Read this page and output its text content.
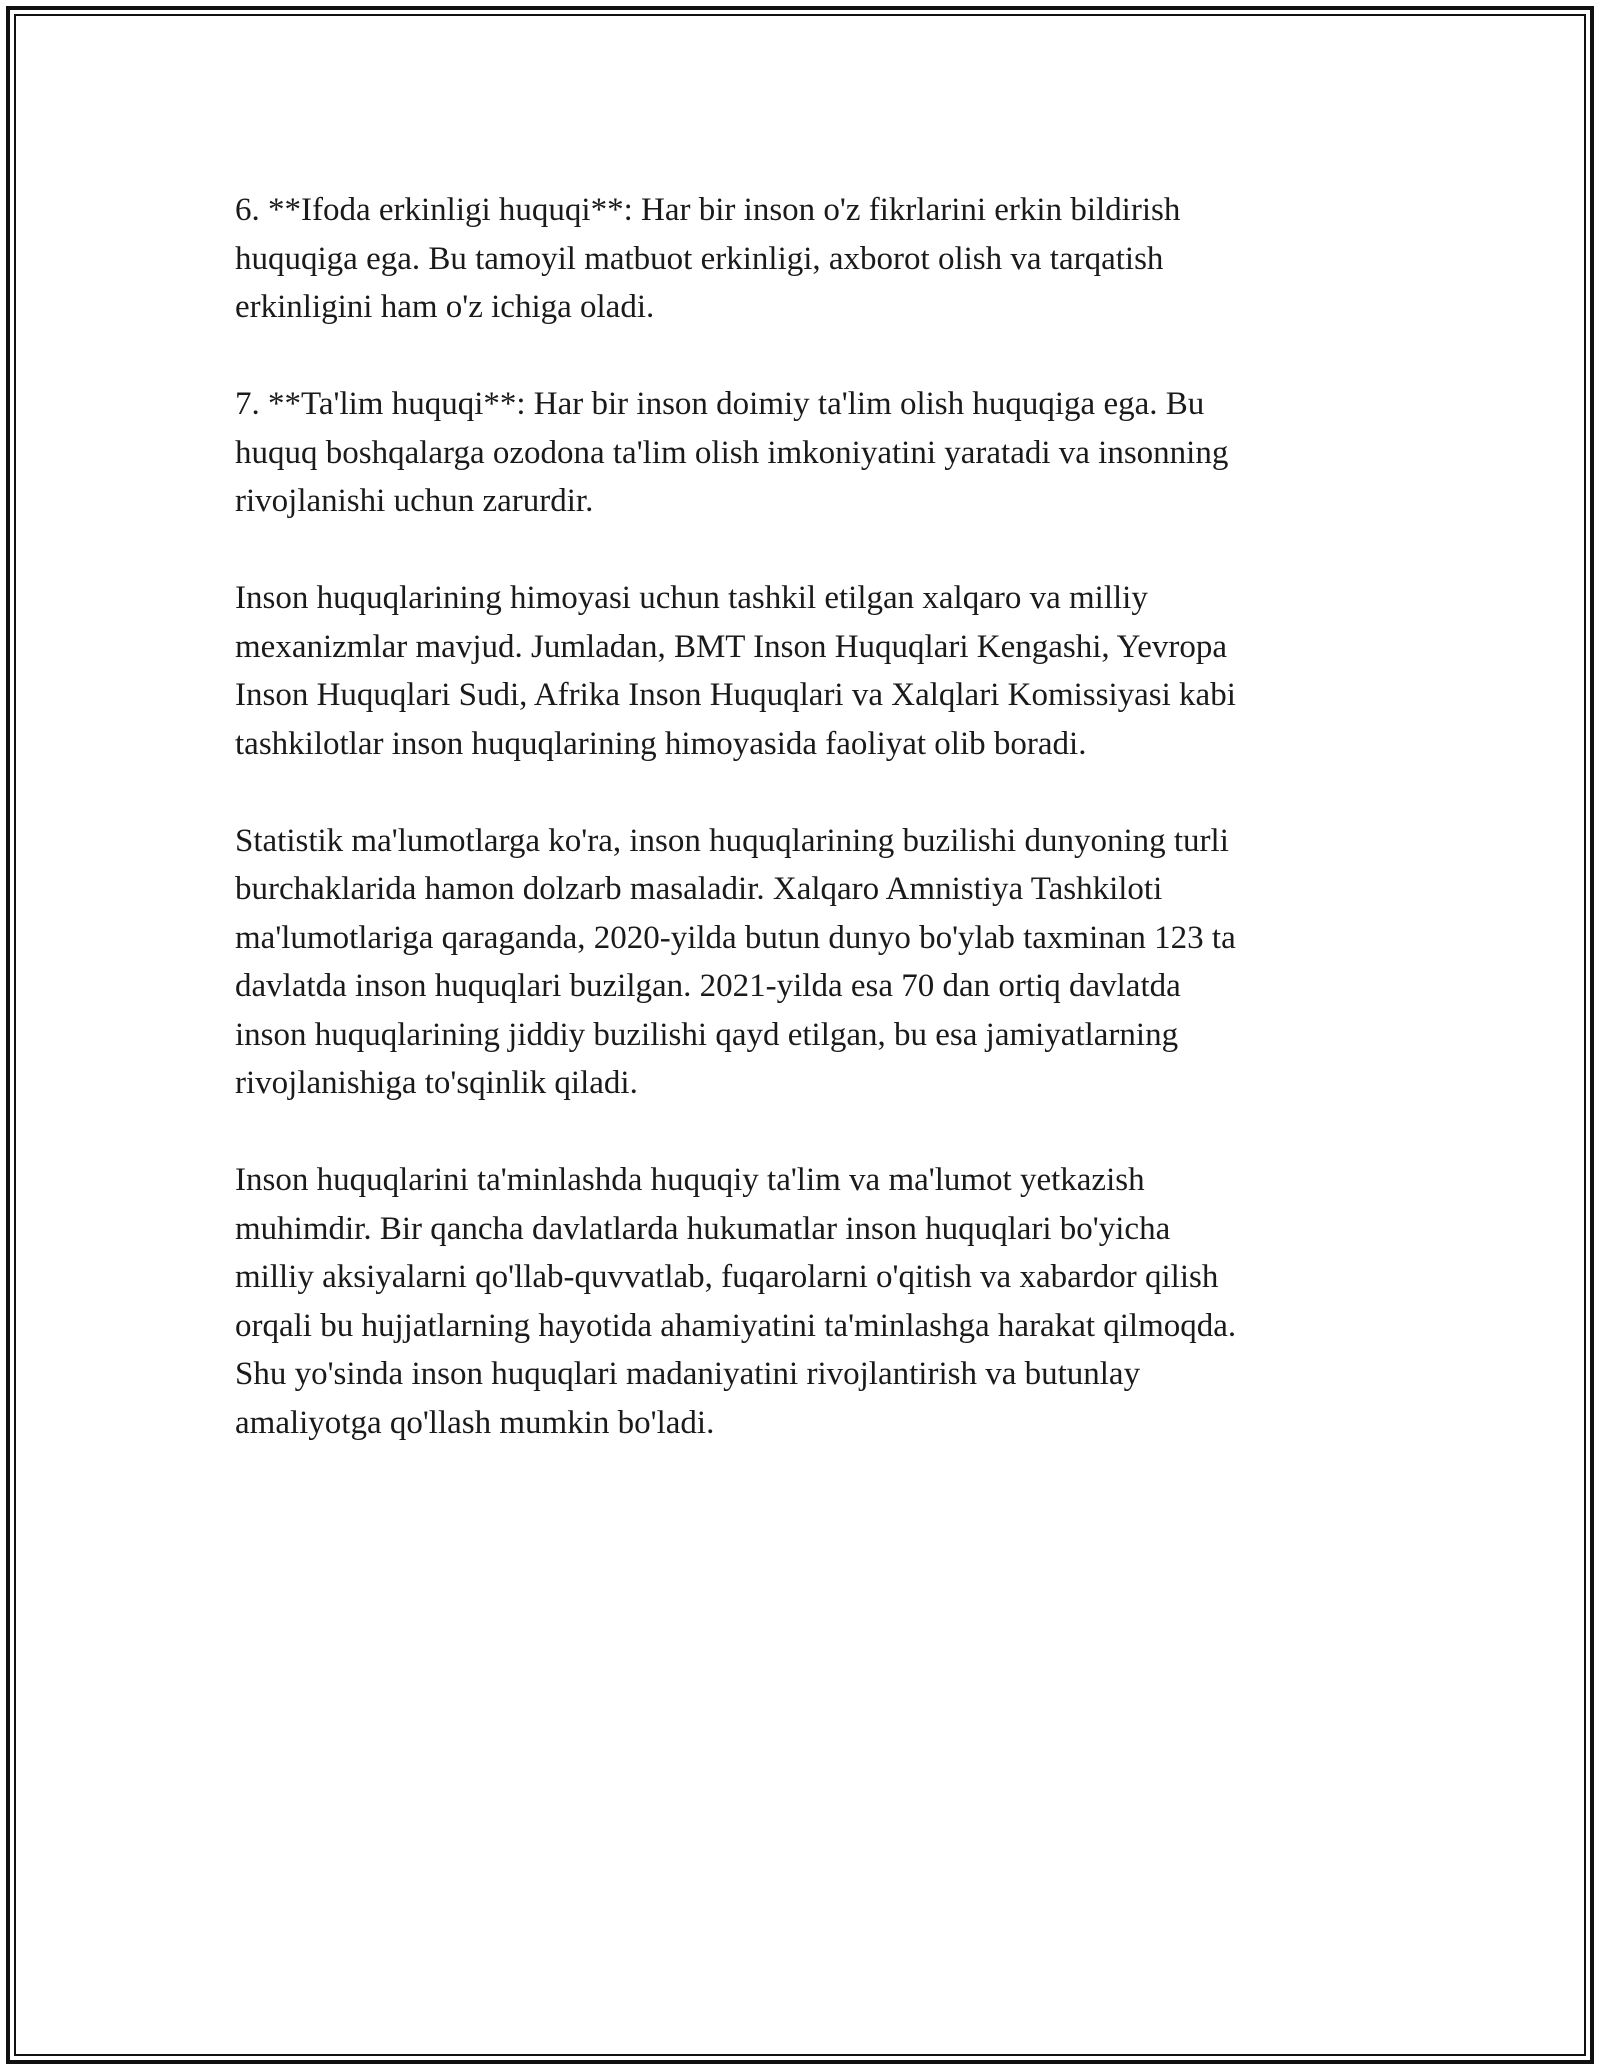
6. **Ifoda erkinligi huquqi**: Har bir inson o'z fikrlarini erkin bildirish
huquqiga ega. Bu tamoyil matbuot erkinligi, axborot olish va tarqatish
erkinligini ham o'z ichiga oladi.

7. **Ta'lim huquqi**: Har bir inson doimiy ta'lim olish huquqiga ega. Bu
huquq boshqalarga ozodona ta'lim olish imkoniyatini yaratadi va insonning
rivojlanishi uchun zarurdir.

Inson huquqlarining himoyasi uchun tashkil etilgan xalqaro va milliy
mexanizmlar mavjud. Jumladan, BMT Inson Huquqlari Kengashi, Yevropa
Inson Huquqlari Sudi, Afrika Inson Huquqlari va Xalqlari Komissiyasi kabi
tashkilotlar inson huquqlarining himoyasida faoliyat olib boradi.

Statistik ma'lumotlarga ko'ra, inson huquqlarining buzilishi dunyoning turli
burchaklarida hamon dolzarb masaladir. Xalqaro Amnistiya Tashkiloti
ma'lumotlariga qaraganda, 2020-yilda butun dunyo bo'ylab taxminan 123 ta
davlatda inson huquqlari buzilgan. 2021-yilda esa 70 dan ortiq davlatda
inson huquqlarining jiddiy buzilishi qayd etilgan, bu esa jamiyatlarning
rivojlanishiga to'sqinlik qiladi.

Inson huquqlarini ta'minlashda huquqiy ta'lim va ma'lumot yetkazish
muhimdir. Bir qancha davlatlarda hukumatlar inson huquqlari bo'yicha
milliy aksiyalarni qo'llab-quvvatlab, fuqarolarni o'qitish va xabardor qilish
orqali bu hujjatlarning hayotida ahamiyatini ta'minlashga harakat qilmoqda.
Shu yo'sinda inson huquqlari madaniyatini rivojlantirish va butunlay
amaliyotga qo'llash mumkin bo'ladi.
